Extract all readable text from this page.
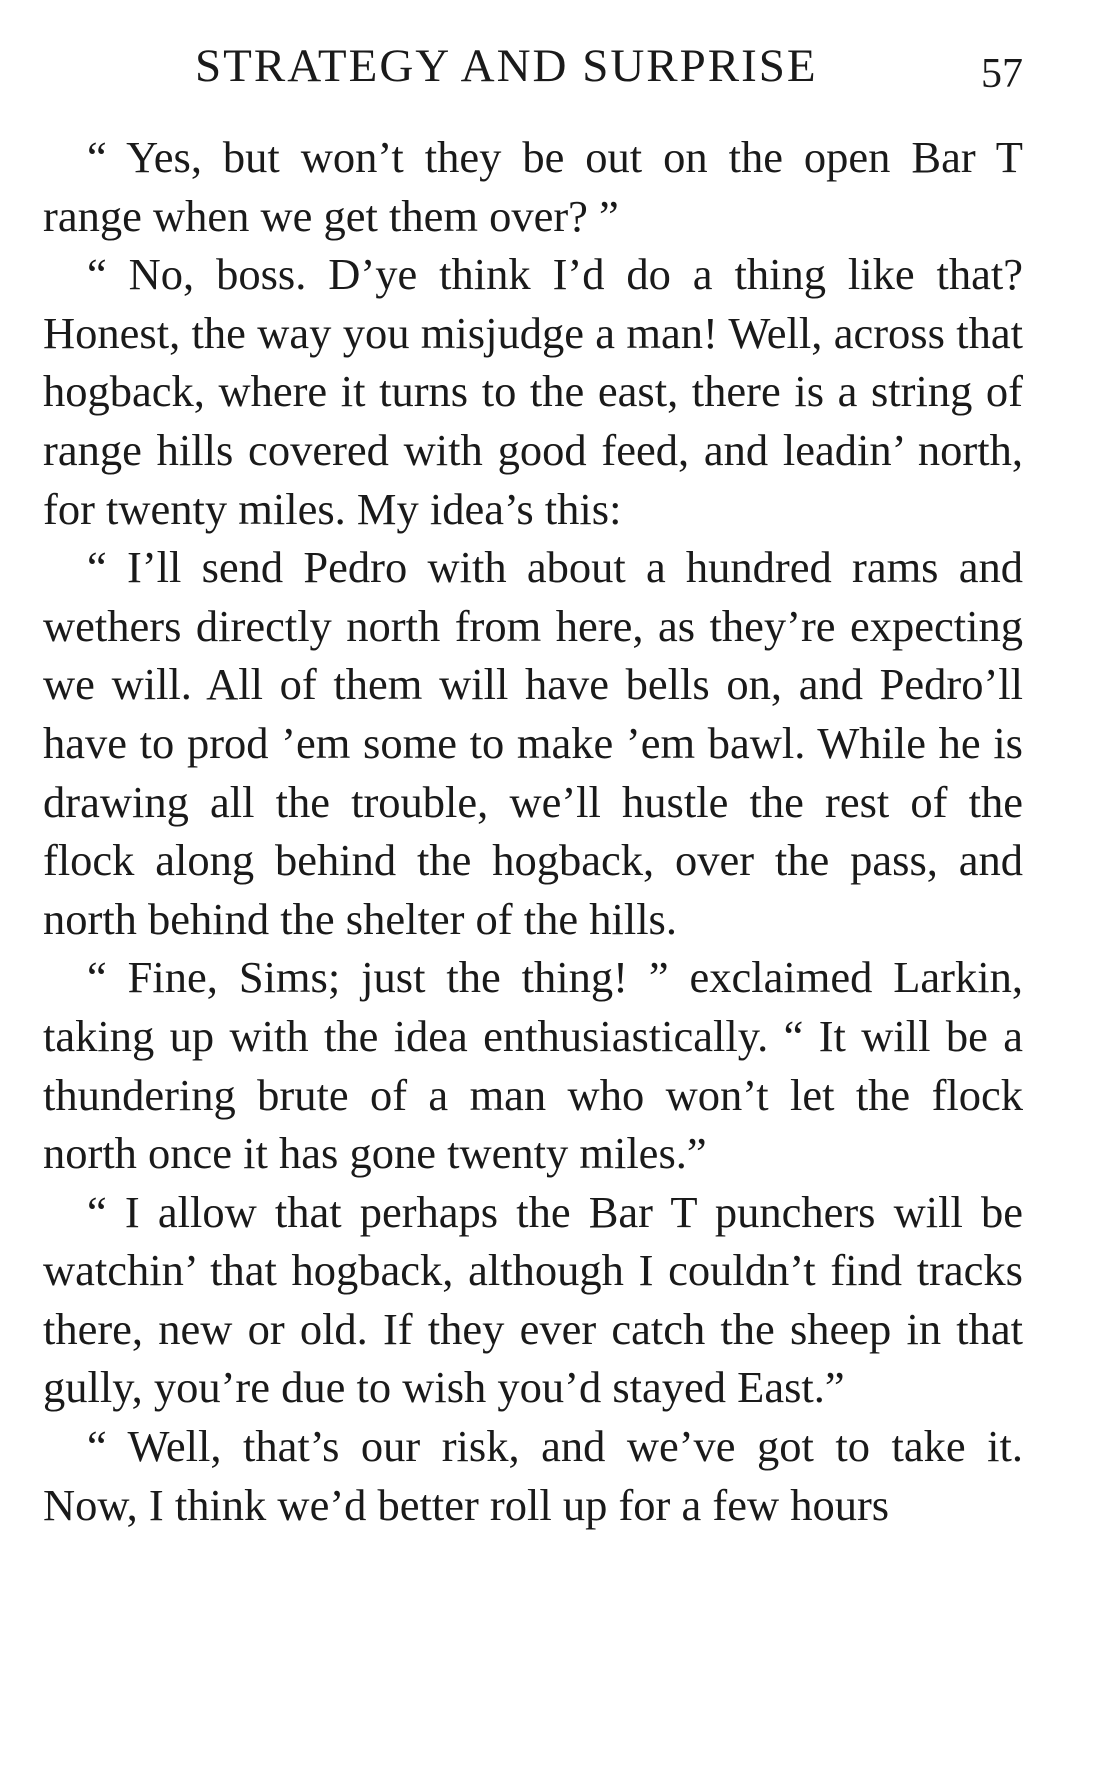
STRATEGY AND SURPRISE	57

“ Yes, but won’t they be out on the open Bar T range when we get them over? ”

“ No, boss. D’ye think I’d do a thing like that? Honest, the way you misjudge a man! Well, across that hogback, where it turns to the east, there is a string of range hills covered with good feed, and leadin’ north, for twenty miles. My idea’s this:

“ I’ll send Pedro with about a hundred rams and wethers directly north from here, as they’re expecting we will. All of them will have bells on, and Pedro’ll have to prod ’em some to make ’em bawl. While he is drawing all the trouble, we’ll hustle the rest of the flock along behind the hogback, over the pass, and north behind the shelter of the hills.

“ Fine, Sims; just the thing! ” exclaimed Larkin, taking up with the idea enthusiastically. “ It will be a thundering brute of a man who won’t let the flock north once it has gone twenty miles.”

“ I allow that perhaps the Bar T punchers will be watchin’ that hogback, although I couldn’t find tracks there, new or old. If they ever catch the sheep in that gully, you’re due to wish you’d stayed East.”

“ Well, that’s our risk, and we’ve got to take it. Now, I think we’d better roll up for a few hours
